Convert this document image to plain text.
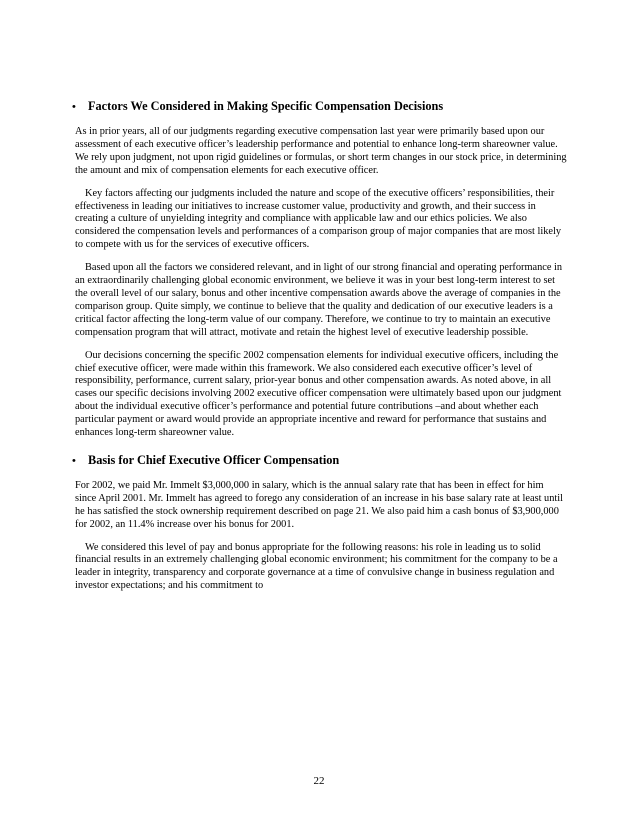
• Factors We Considered in Making Specific Compensation Decisions

As in prior years, all of our judgments regarding executive compensation last year were primarily based upon our assessment of each executive officer’s leadership performance and potential to enhance long-term shareowner value. We rely upon judgment, not upon rigid guidelines or formulas, or short term changes in our stock price, in determining the amount and mix of compensation elements for each executive officer.

Key factors affecting our judgments included the nature and scope of the executive officers’ responsibilities, their effectiveness in leading our initiatives to increase customer value, productivity and growth, and their success in creating a culture of unyielding integrity and compliance with applicable law and our ethics policies. We also considered the compensation levels and performances of a comparison group of major companies that are most likely to compete with us for the services of executive officers.

Based upon all the factors we considered relevant, and in light of our strong financial and operating performance in an extraordinarily challenging global economic environment, we believe it was in your best long-term interest to set the overall level of our salary, bonus and other incentive compensation awards above the average of companies in the comparison group. Quite simply, we continue to believe that the quality and dedication of our executive leaders is a critical factor affecting the long-term value of our company. Therefore, we continue to try to maintain an executive compensation program that will attract, motivate and retain the highest level of executive leadership possible.

Our decisions concerning the specific 2002 compensation elements for individual executive officers, including the chief executive officer, were made within this framework. We also considered each executive officer’s level of responsibility, performance, current salary, prior-year bonus and other compensation awards. As noted above, in all cases our specific decisions involving 2002 executive officer compensation were ultimately based upon our judgment about the individual executive officer’s performance and potential future contributions –and about whether each particular payment or award would provide an appropriate incentive and reward for performance that sustains and enhances long-term shareowner value.

• Basis for Chief Executive Officer Compensation

For 2002, we paid Mr. Immelt $3,000,000 in salary, which is the annual salary rate that has been in effect for him since April 2001. Mr. Immelt has agreed to forego any consideration of an increase in his base salary rate at least until he has satisfied the stock ownership requirement described on page 21. We also paid him a cash bonus of $3,900,000 for 2002, an 11.4% increase over his bonus for 2001.

We considered this level of pay and bonus appropriate for the following reasons: his role in leading us to solid financial results in an extremely challenging global economic environment; his commitment for the company to be a leader in integrity, transparency and corporate governance at a time of convulsive change in business regulation and investor expectations; and his commitment to

22
